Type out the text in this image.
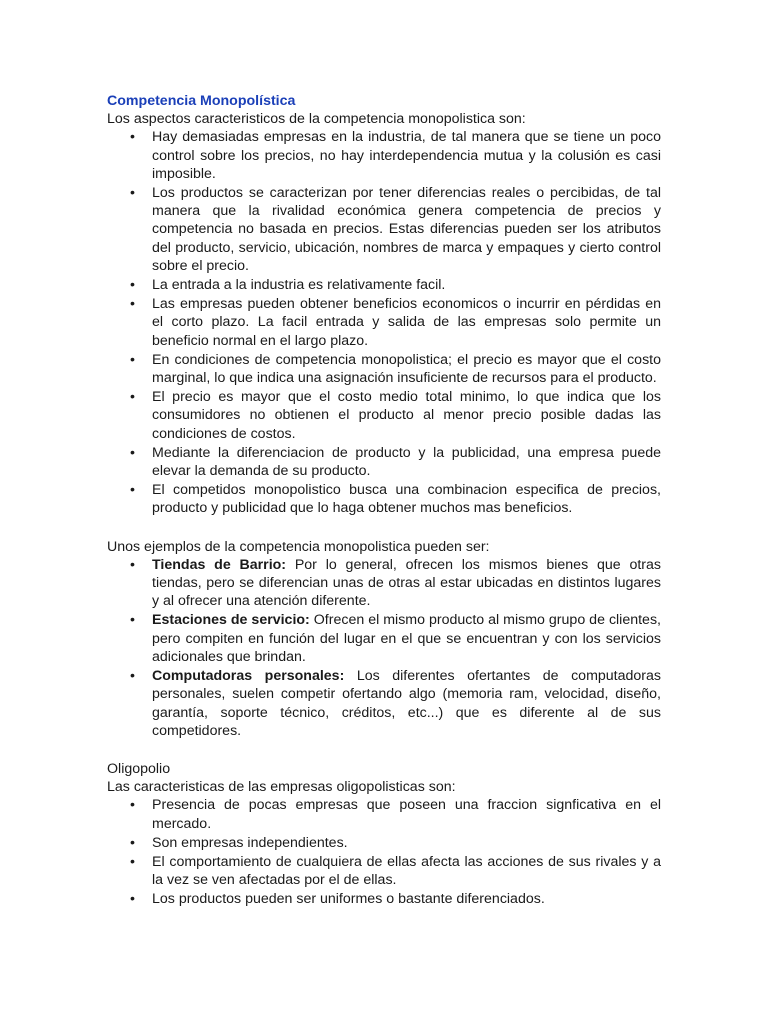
Competencia Monopolística

Los aspectos caracteristicos de la competencia monopolistica son:

• Hay demasiadas empresas en la industria, de tal manera que se tiene un poco control sobre los precios, no hay interdependencia mutua y la colusión es casi imposible.
• Los productos se caracterizan por tener diferencias reales o percibidas, de tal manera que la rivalidad económica genera competencia de precios y competencia no basada en precios. Estas diferencias pueden ser los atributos del producto, servicio, ubicación, nombres de marca y empaques y cierto control sobre el precio.
• La entrada a la industria es relativamente facil.
• Las empresas pueden obtener beneficios economicos o incurrir en pérdidas en el corto plazo. La facil entrada y salida de las empresas solo permite un beneficio normal en el largo plazo.
• En condiciones de competencia monopolistica; el precio es mayor que el costo marginal, lo que indica una asignación insuficiente de recursos para el producto.
• El precio es mayor que el costo medio total minimo, lo que indica que los consumidores no obtienen el producto al menor precio posible dadas las condiciones de costos.
• Mediante la diferenciacion de producto y la publicidad, una empresa puede elevar la demanda de su producto.
• El competidos monopolistico busca una combinacion especifica de precios, producto y publicidad que lo haga obtener muchos mas beneficios.

Unos ejemplos de la competencia monopolistica pueden ser:

• Tiendas de Barrio: Por lo general, ofrecen los mismos bienes que otras tiendas, pero se diferencian unas de otras al estar ubicadas en distintos lugares y al ofrecer una atención diferente.
• Estaciones de servicio: Ofrecen el mismo producto al mismo grupo de clientes, pero compiten en función del lugar en el que se encuentran y con los servicios adicionales que brindan.
• Computadoras personales: Los diferentes ofertantes de computadoras personales, suelen competir ofertando algo (memoria ram, velocidad, diseño, garantía, soporte técnico, créditos, etc...) que es diferente al de sus competidores.

Oligopolio

Las caracteristicas de las empresas oligopolisticas son:

• Presencia de pocas empresas que poseen una fraccion signficativa en el mercado.
• Son empresas independientes.
• El comportamiento de cualquiera de ellas afecta las acciones de sus rivales y a la vez se ven afectadas por el de ellas.
• Los productos pueden ser uniformes o bastante diferenciados.
